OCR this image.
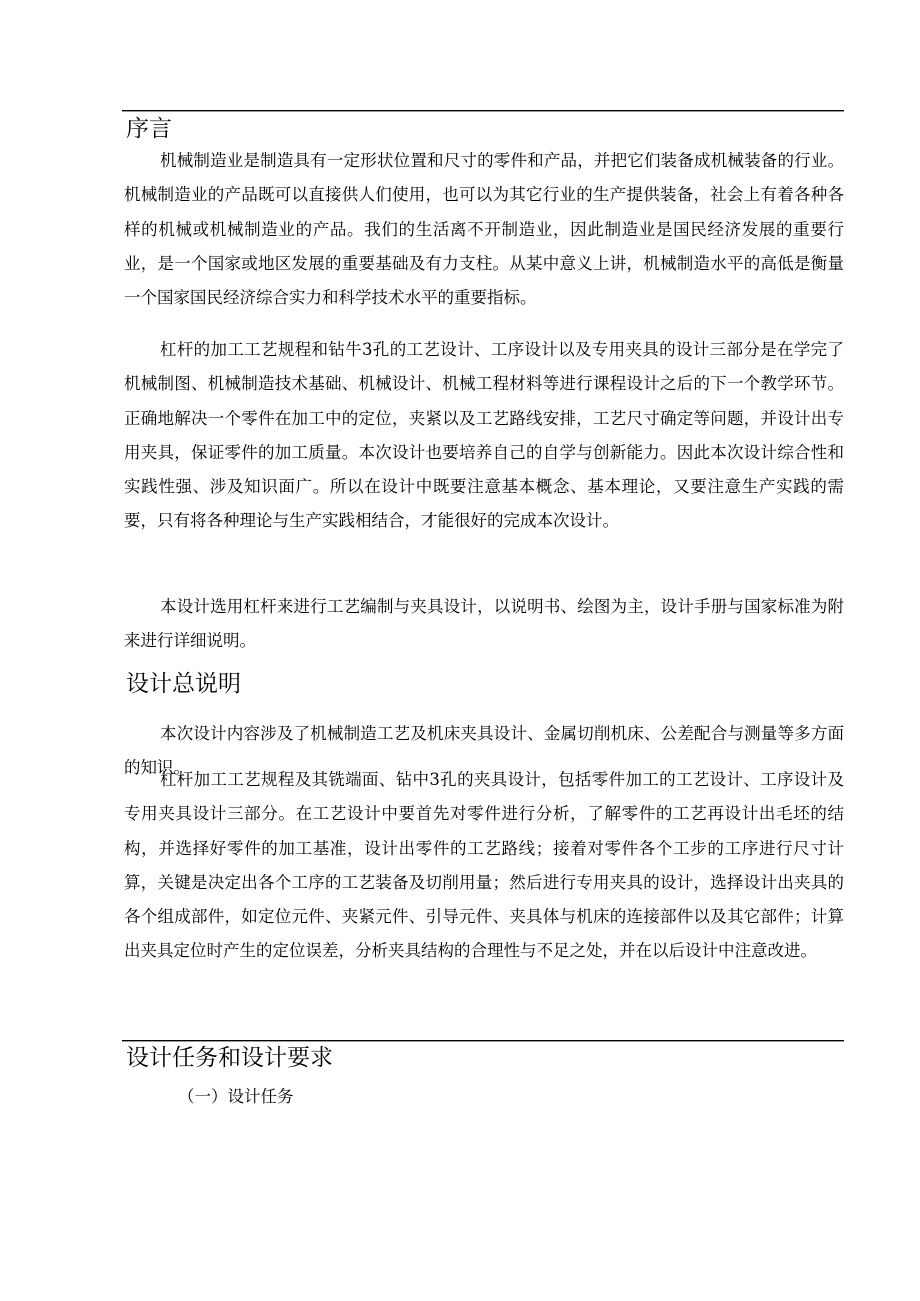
序言

机械制造业是制造具有一定形状位置和尺寸的零件和产品，并把它们装备成机械装备的行业。机械制造业的产品既可以直接供人们使用，也可以为其它行业的生产提供装备，社会上有着各种各样的机械或机械制造业的产品。我们的生活离不开制造业，因此制造业是国民经济发展的重要行业，是一个国家或地区发展的重要基础及有力支柱。从某中意义上讲，机械制造水平的高低是衡量一个国家国民经济综合实力和科学技术水平的重要指标。

杠杆的加工工艺规程和钻牛3孔的工艺设计、工序设计以及专用夹具的设计三部分是在学完了机械制图、机械制造技术基础、机械设计、机械工程材料等进行课程设计之后的下一个教学环节。正确地解决一个零件在加工中的定位，夹紧以及工艺路线安排，工艺尺寸确定等问题，并设计出专用夹具，保证零件的加工质量。本次设计也要培养自己的自学与创新能力。因此本次设计综合性和实践性强、涉及知识面广。所以在设计中既要注意基本概念、基本理论，又要注意生产实践的需要，只有将各种理论与生产实践相结合，才能很好的完成本次设计。

本设计选用杠杆来进行工艺编制与夹具设计，以说明书、绘图为主，设计手册与国家标准为附来进行详细说明。

设计总说明

本次设计内容涉及了机械制造工艺及机床夹具设计、金属切削机床、公差配合与测量等多方面的知识。

杠杆加工工艺规程及其铣端面、钻中3孔的夹具设计，包括零件加工的工艺设计、工序设计及专用夹具设计三部分。在工艺设计中要首先对零件进行分析，了解零件的工艺再设计出毛坯的结构，并选择好零件的加工基准，设计出零件的工艺路线；接着对零件各个工步的工序进行尺寸计算，关键是决定出各个工序的工艺装备及切削用量；然后进行专用夹具的设计，选择设计出夹具的各个组成部件，如定位元件、夹紧元件、引导元件、夹具体与机床的连接部件以及其它部件；计算出夹具定位时产生的定位误差，分析夹具结构的合理性与不足之处，并在以后设计中注意改进。

设计任务和设计要求

（一）设计任务
